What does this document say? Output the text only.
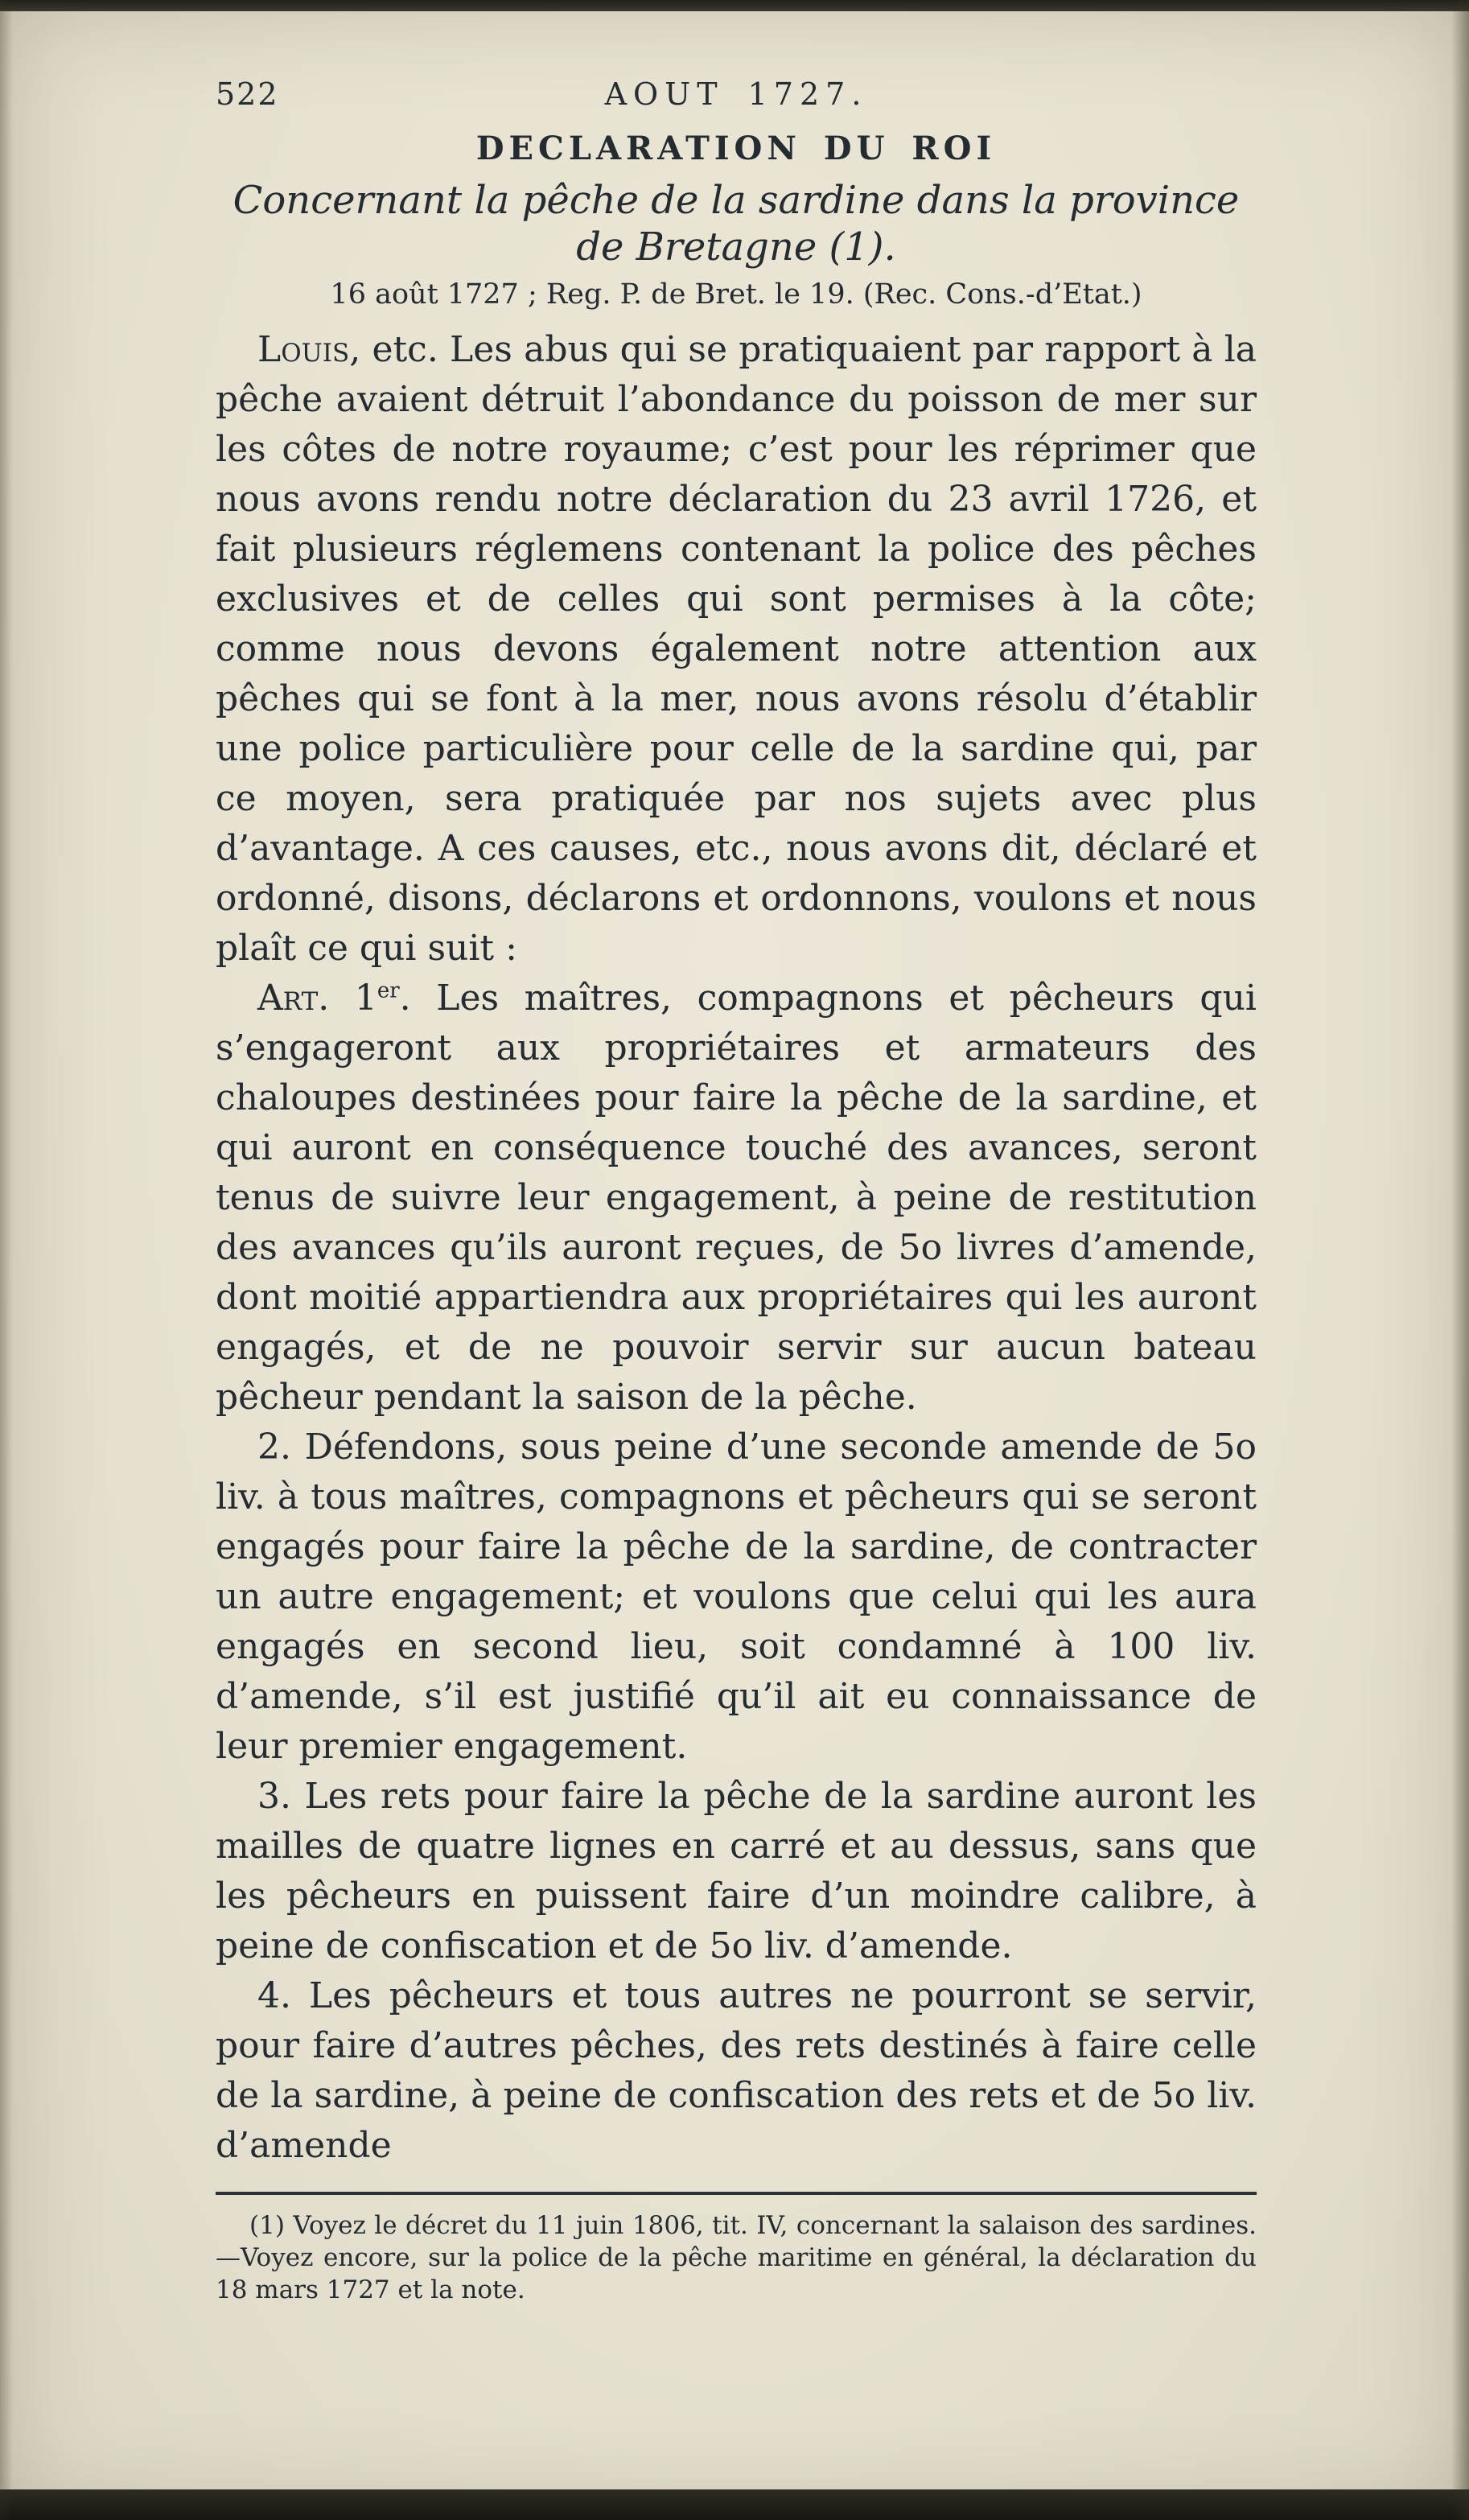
522	AOUT 1727.
DECLARATION DU ROI
Concernant la pêche de la sardine dans la province
de Bretagne (1).
16 août 1727 ; Reg. P. de Bret. le 19. (Rec. Cons.-d’Etat.)

Louis, etc. Les abus qui se pratiquaient par rapport à la pêche avaient détruit l’abondance du poisson de mer sur les côtes de notre royaume; c’est pour les réprimer que nous avons rendu notre déclaration du 23 avril 1726, et fait plusieurs réglemens contenant la police des pêches exclusives et de celles qui sont permises à la côte; comme nous devons également notre attention aux pêches qui se font à la mer, nous avons résolu d’établir une police particulière pour celle de la sardine qui, par ce moyen, sera pratiquée par nos sujets avec plus d’avantage. A ces causes, etc., nous avons dit, déclaré et ordonné, disons, déclarons et ordonnons, voulons et nous plaît ce qui suit :

Art. 1er. Les maîtres, compagnons et pêcheurs qui s’engageront aux propriétaires et armateurs des chaloupes destinées pour faire la pêche de la sardine, et qui auront en conséquence touché des avances, seront tenus de suivre leur engagement, à peine de restitution des avances qu’ils auront reçues, de 5o livres d’amende, dont moitié appartiendra aux propriétaires qui les auront engagés, et de ne pouvoir servir sur aucun bateau pêcheur pendant la saison de la pêche.

2. Défendons, sous peine d’une seconde amende de 5o liv. à tous maîtres, compagnons et pêcheurs qui se seront engagés pour faire la pêche de la sardine, de contracter un autre engagement; et voulons que celui qui les aura engagés en second lieu, soit condamné à 100 liv. d’amende, s’il est justifié qu’il ait eu connaissance de leur premier engagement.

3. Les rets pour faire la pêche de la sardine auront les mailles de quatre lignes en carré et au dessus, sans que les pêcheurs en puissent faire d’un moindre calibre, à peine de confiscation et de 5o liv. d’amende.

4. Les pêcheurs et tous autres ne pourront se servir, pour faire d’autres pêches, des rets destinés à faire celle de la sardine, à peine de confiscation des rets et de 5o liv. d’amende

(1) Voyez le décret du 11 juin 1806, tit. IV, concernant la salaison des sardines.—Voyez encore, sur la police de la pêche maritime en général, la déclaration du 18 mars 1727 et la note.
